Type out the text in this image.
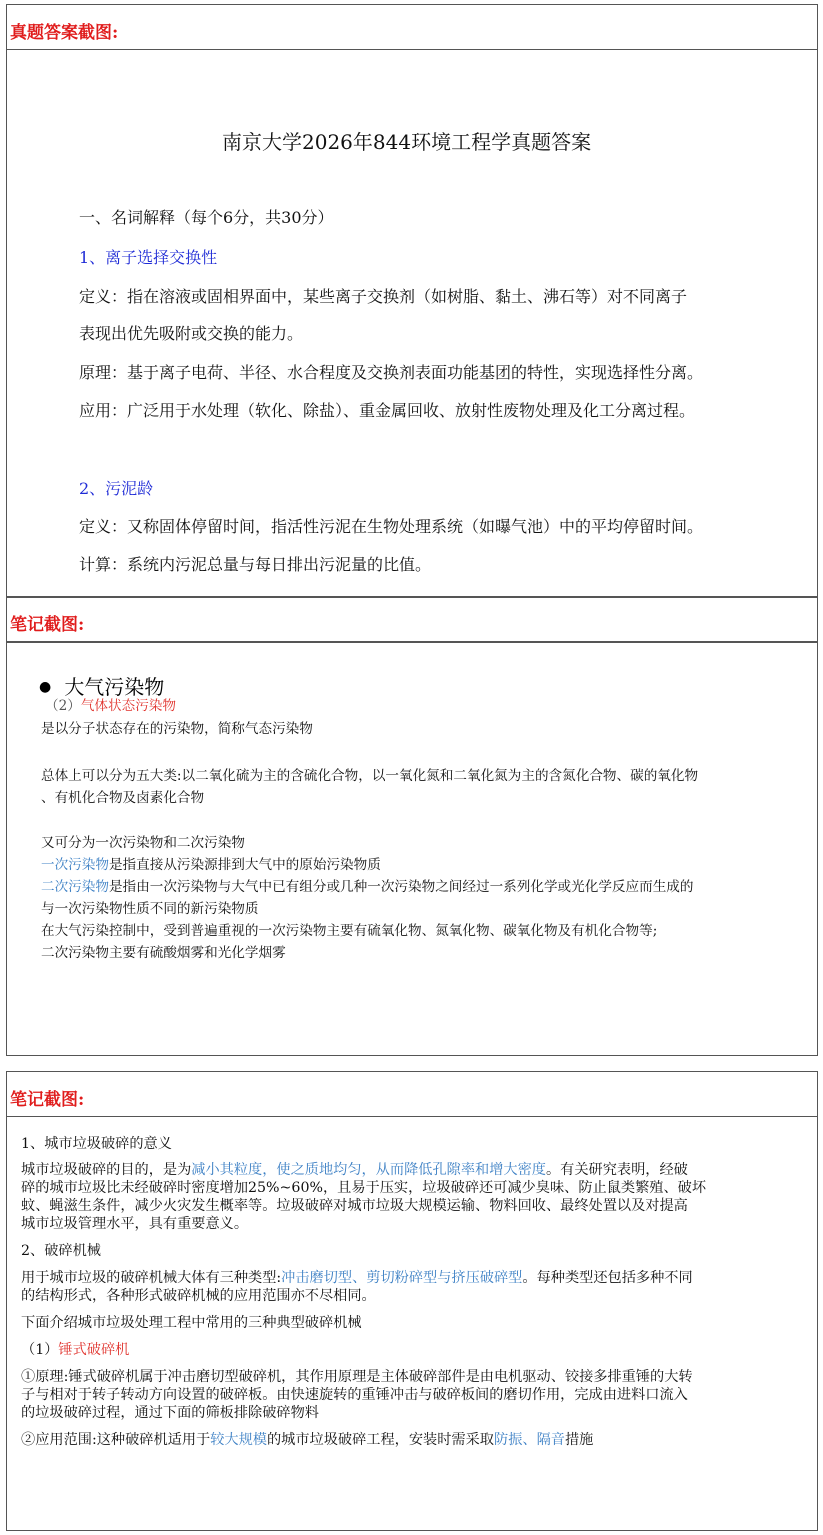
真题答案截图:
南京大学2026年844环境工程学真题答案
一、名词解释（每个6分，共30分）
1、离子选择交换性
定义：指在溶液或固相界面中，某些离子交换剂（如树脂、黏土、沸石等）对不同离子
表现出优先吸附或交换的能力。
原理：基于离子电荷、半径、水合程度及交换剂表面功能基团的特性，实现选择性分离。
应用：广泛用于水处理（软化、除盐）、重金属回收、放射性废物处理及化工分离过程。
2、污泥龄
定义：又称固体停留时间，指活性污泥在生物处理系统（如曝气池）中的平均停留时间。
计算：系统内污泥总量与每日排出污泥量的比值。
笔记截图:
● 大气污染物
（2）气体状态污染物
是以分子状态存在的污染物，简称气态污染物
总体上可以分为五大类:以二氧化硫为主的含硫化合物，以一氧化氮和二氧化氮为主的含氮化合物、碳的氧化物
、有机化合物及卤素化合物
又可分为一次污染物和二次污染物
一次污染物是指直接从污染源排到大气中的原始污染物质
二次污染物是指由一次污染物与大气中已有组分或几种一次污染物之间经过一系列化学或光化学反应而生成的
与一次污染物性质不同的新污染物质
在大气污染控制中，受到普遍重视的一次污染物主要有硫氧化物、氮氧化物、碳氧化物及有机化合物等;
二次污染物主要有硫酸烟雾和光化学烟雾
笔记截图:
1、城市垃圾破碎的意义
城市垃圾破碎的目的，是为减小其粒度，使之质地均匀，从而降低孔隙率和增大密度。有关研究表明，经破
碎的城市垃圾比未经破碎时密度增加25%~60%，且易于压实，垃圾破碎还可减少臭味、防止鼠类繁殖、破坏
蚊、蝇滋生条件，减少火灾发生概率等。垃圾破碎对城市垃圾大规模运输、物料回收、最终处置以及对提高
城市垃圾管理水平，具有重要意义。
2、破碎机械
用于城市垃圾的破碎机械大体有三种类型:冲击磨切型、剪切粉碎型与挤压破碎型。每种类型还包括多种不同
的结构形式，各种形式破碎机械的应用范围亦不尽相同。
下面介绍城市垃圾处理工程中常用的三种典型破碎机械
（1）锤式破碎机
①原理:锤式破碎机属于冲击磨切型破碎机，其作用原理是主体破碎部件是由电机驱动、铰接多排重锤的大转
子与相对于转子转动方向设置的破碎板。由快速旋转的重锤冲击与破碎板间的磨切作用，完成由进料口流入
的垃圾破碎过程，通过下面的筛板排除破碎物料
②应用范围:这种破碎机适用于较大规模的城市垃圾破碎工程，安装时需采取防振、隔音措施
